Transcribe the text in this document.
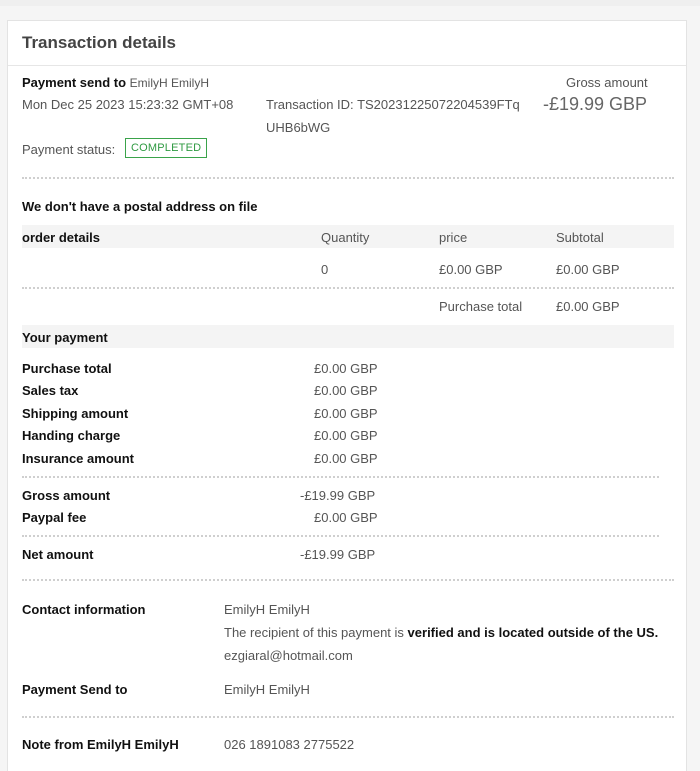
Transaction details
Payment send to EmilyH EmilyH
Mon Dec 25 2023 15:23:32 GMT+08	Transaction ID: TS20231225072204539FTq
UHB6bWG
Gross amount
-£19.99 GBP
Payment status:	COMPLETED
We don't have a postal address on file
order details	Quantity	price	Subtotal
0	£0.00 GBP	£0.00 GBP
Purchase total	£0.00 GBP
Your payment
Purchase total	£0.00 GBP
Sales tax	£0.00 GBP
Shipping amount	£0.00 GBP
Handing charge	£0.00 GBP
Insurance amount	£0.00 GBP
Gross amount	-£19.99 GBP
Paypal fee	£0.00 GBP
Net amount	-£19.99 GBP
Contact information	EmilyH EmilyH
The recipient of this payment is verified and is located outside of the US.
ezgiaral@hotmail.com
Payment Send to	EmilyH EmilyH
Note from EmilyH EmilyH	026 1891083 2775522
